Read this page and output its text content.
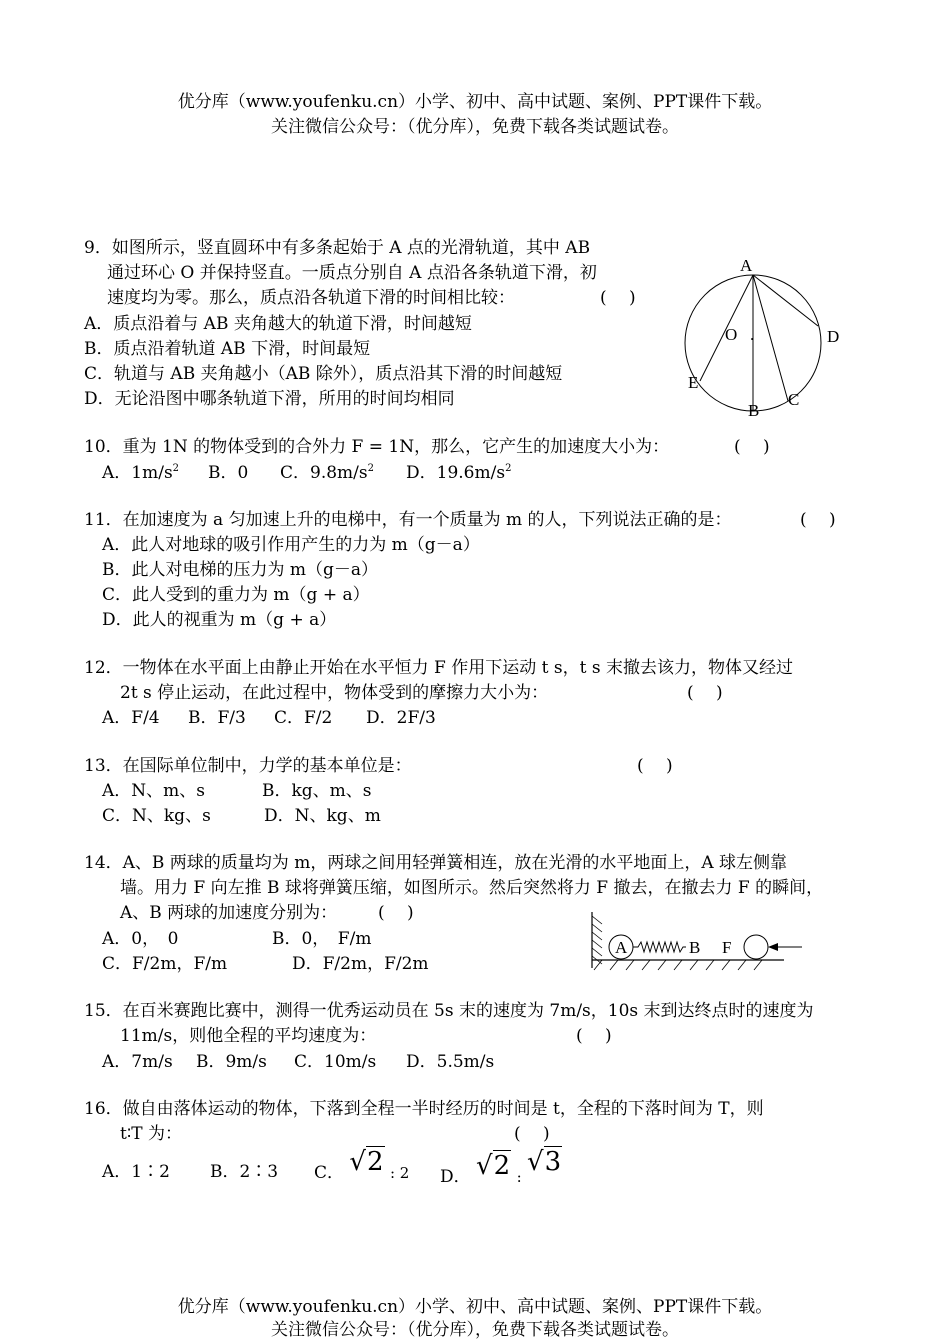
优分库（www.youfenku.cn）小学、初中、高中试题、案例、PPT课件下载。
关注微信公众号：（优分库），免费下载各类试题试卷。
9．如图所示，竖直圆环中有多条起始于 A 点的光滑轨道，其中 AB
通过环心 O 并保持竖直。一质点分别自 A 点沿各条轨道下滑，初
速度均为零。那么，质点沿各轨道下滑的时间相比较：	(　 )
A．质点沿着与 AB 夹角越大的轨道下滑，时间越短
B．质点沿着轨道 AB 下滑，时间最短
C．轨道与 AB 夹角越小（AB 除外），质点沿其下滑的时间越短
D．无论沿图中哪条轨道下滑，所用的时间均相同
A
O .	D
E
C
B
10．重为 1N 的物体受到的合外力 F = 1N，那么，它产生的加速度大小为：	(　 )
A．$1m/s^2$ B．0 C．$9.8m/s^2$ D．$19.6m/s^2$
11．在加速度为 a 匀加速上升的电梯中，有一个质量为 m 的人，下列说法正确的是：	(　 )
A．此人对地球的吸引作用产生的力为 m（g－a）
B．此人对电梯的压力为 m（g－a）
C．此人受到的重力为 m（g + a）
D．此人的视重为 m（g + a）
12．一物体在水平面上由静止开始在水平恒力 F 作用下运动 t s，t s 末撤去该力，物体又经过
2t s 停止运动，在此过程中，物体受到的摩擦力大小为：	(　 )
A．F/4 B．F/3 C．F/2 D．2F/3
13．在国际单位制中，力学的基本单位是：	(　 )
A．N、m、s	B．kg、m、s
C．N、kg、s	D．N、kg、m
14．A、B 两球的质量均为 m，两球之间用轻弹簧相连，放在光滑的水平地面上，A 球左侧靠
墙。用力 F 向左推 B 球将弹簧压缩，如图所示。然后突然将力 F 撤去，在撤去力 F 的瞬间，
A、B 两球的加速度分别为： (　 )
A．0，　0	B．0，　F/m
C．F/2m，F/m	D．F/2m，F/2m
A	B F
15．在百米赛跑比赛中，测得一优秀运动员在 5s 末的速度为 7m/s，10s 末到达终点时的速度为
11m/s，则他全程的平均速度为：	(　 )
A．7m/s B．9m/s C．10m/s D．5.5m/s
16．做自由落体运动的物体，下落到全程一半时经历的时间是 t，全程的下落时间为 T，则
t∶T 为：	(　 )
A．1∶2 B．2∶3 C． √2 : 2 D． √2 : √3
优分库（www.youfenku.cn）小学、初中、高中试题、案例、PPT课件下载。
关注微信公众号：（优分库），免费下载各类试题试卷。
